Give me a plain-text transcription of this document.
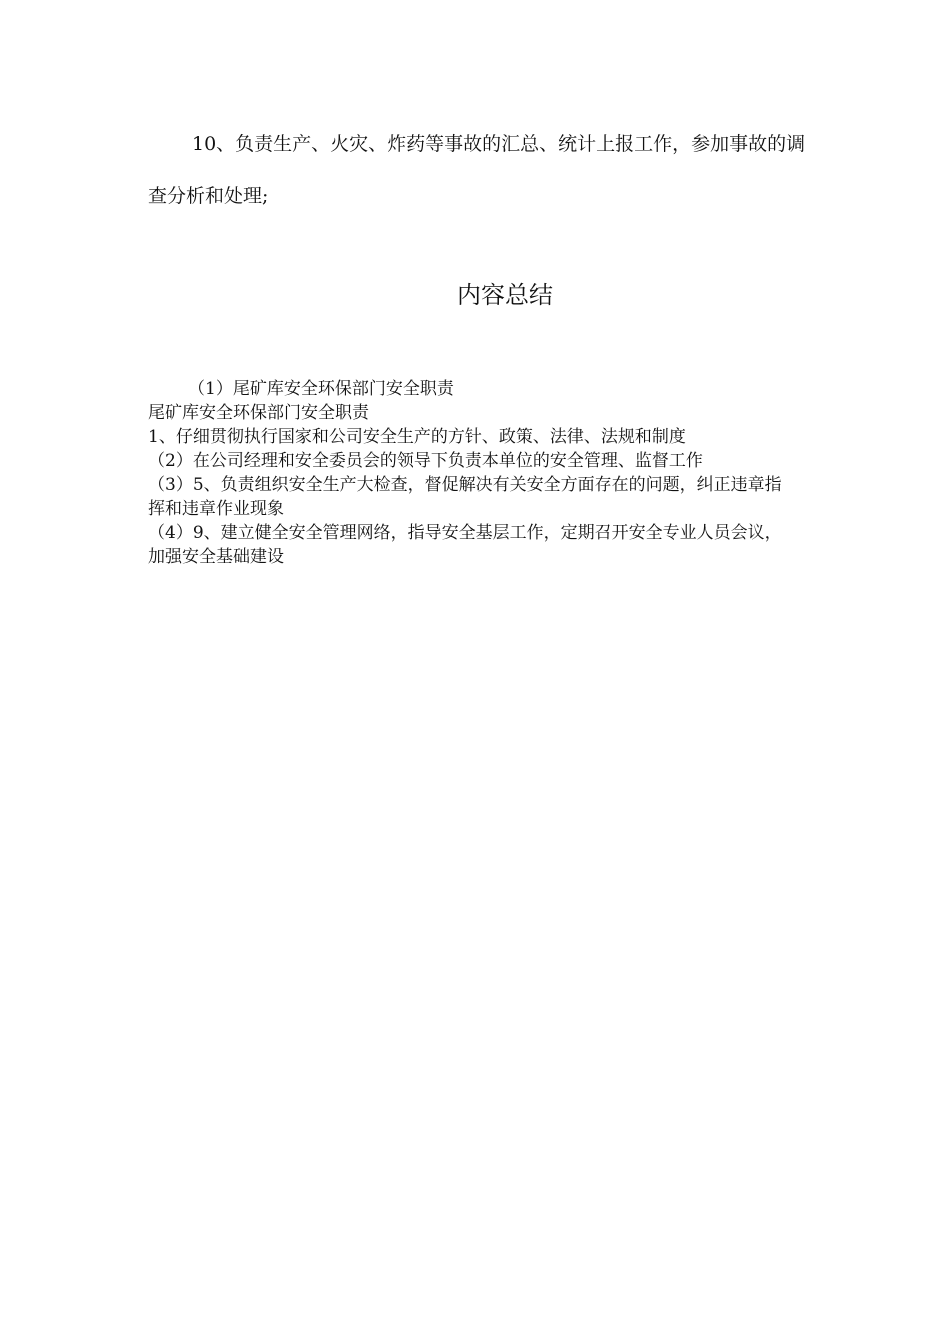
10、负责生产、火灾、炸药等事故的汇总、统计上报工作，参加事故的调查分析和处理;
内容总结
（1）尾矿库安全环保部门安全职责
尾矿库安全环保部门安全职责
1、仔细贯彻执行国家和公司安全生产的方针、政策、法律、法规和制度
（2）在公司经理和安全委员会的领导下负责本单位的安全管理、监督工作
（3）5、负责组织安全生产大检查，督促解决有关安全方面存在的问题，纠正违章指挥和违章作业现象
（4）9、建立健全安全管理网络，指导安全基层工作，定期召开安全专业人员会议，加强安全基础建设
